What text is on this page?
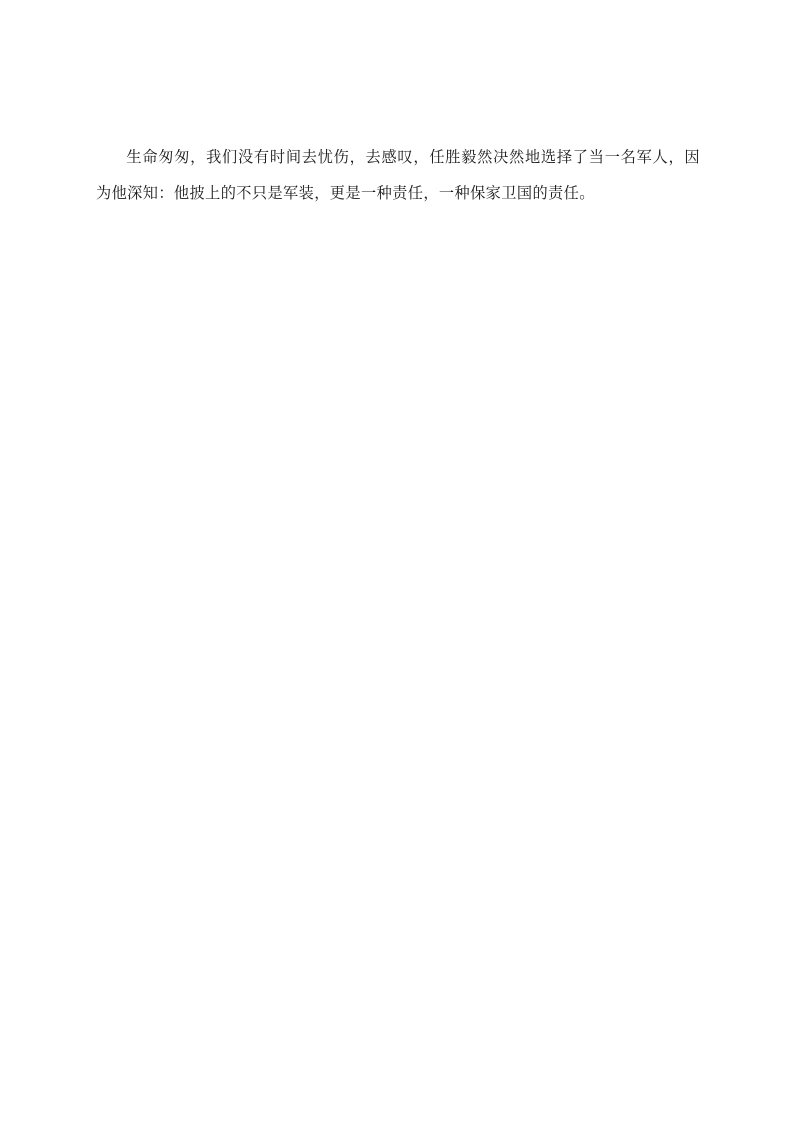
生命匆匆，我们没有时间去忧伤，去感叹，任胜毅然决然地选择了当一名军人，因为他深知：他披上的不只是军装，更是一种责任，一种保家卫国的责任。
